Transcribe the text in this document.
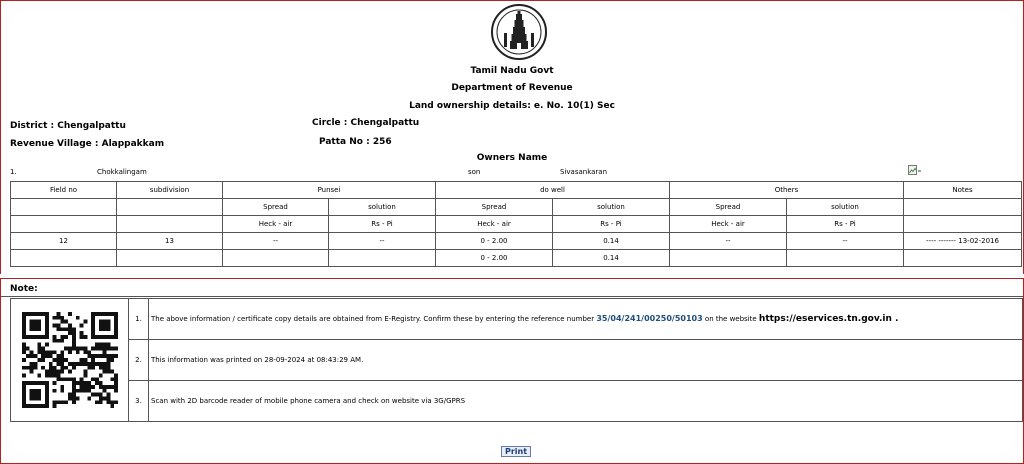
Tamil Nadu Govt
Department of Revenue
Land ownership details: e. No. 10(1) Sec
District : Chengalpattu	Circle : Chengalpattu
Revenue Village : Alappakkam	Patta No : 256
Owners Name
1.	Chokkalingam	son	Sivasankaran
Field no	subdivision	Punsei		do well		Others		Notes
		Spread	solution	Spread	solution	Spread	solution	
		Heck - air	Rs - Pi	Heck - air	Rs - Pi	Heck - air	Rs - Pi	
12	13	--	--	0 - 2.00	0.14	--	--	---- ------- 13-02-2016
				0 - 2.00	0.14			
Note:
	1.	The above information / certificate copy details are obtained from E-Registry. Confirm these by entering the reference number 35/04/241/00250/50103 on the website https://eservices.tn.gov.in .
	2.	This information was printed on 28-09-2024 at 08:43:29 AM.
	3.	Scan with 2D barcode reader of mobile phone camera and check on website via 3G/GPRS
Print
